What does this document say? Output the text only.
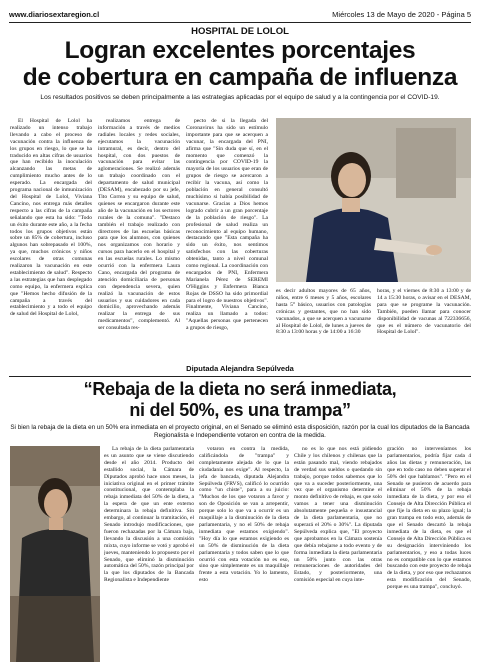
www.diariosextaregion.cl	Miércoles 13 de Mayo de 2020 - Página 5
HOSPITAL DE LOLOL
Logran excelentes porcentajes
de cobertura en campaña de influenza
Los resultados positivos se deben principalmente a las estrategias aplicadas por el equipo de salud y a la contingencia por el COVID-19.

El Hospital de Lolol ha realizado un intenso trabajo llevando a cabo el proceso de vacunación contra la influenza de los grupos en riesgo, lo que se ha traducido en altas cifras de usuarios que han recibido la inoculación alcanzando las metas de cumplimiento mucho antes de lo esperado. La encargada del programa nacional de inmunización del Hospital de Lolol, Viviana Cancino, nos entrega más detalles respecto a las cifras de la campaña señalando que esta ha sido: "Todo un éxito durante este año, a la fecha todos los grupos objetivos están sobre un 85% de cobertura, incluso algunos han sobrepasado el 100%, ya que, muchos crónicos y niños escolares de otras comunas realizaron la vacunación en este establecimiento de salud". Respecto a las estrategias que han desplegado como equipo, la enfermera explica que "Hemos hecho difusión de la campaña a través del establecimiento y a todo el equipo de salud del Hospital de Lolol,

realizamos entrega de información a través de medios radiales locales y redes sociales, ejecutamos la vacunación intramural, es decir, dentro del hospital, con dos puestos de vacunación para evitar las aglomeraciones. Se realizó además un trabajo coordinado con el departamento de salud municipal (DESAM), encabezado por su jefe, Tito Correa y su equipo de salud, quienes se encargaron durante este año de la vacunación en los sectores rurales de la comuna". "Destaco también el trabajo realizado con directores de las escuelas básicas para que los alumnos, con quienes nos organizamos con horario y cursos para hacerlo en el hospital y en las escuelas rurales. Lo mismo ocurrió con la enfermera Laura Cano, encargada del programa de atención domiciliaria de personas con dependencia severa, quien realizó la vacunación de estos usuarios y sus cuidadores en cada domicilio, aprovechando además realizar la entrega de sus medicamentos", complementó. Al ser consultada res-

pecto de si la llegada del Coronavirus ha sido un estímulo importante para que se acerquen a vacunar, la encargada del PNI, afirma que "Sin duda que sí, en el momento que comenzó la contingencia por COVID-19 la mayoría de los usuarios que eran de grupos de riesgo se acercaron a recibir la vacuna, así como la población en general consultó muchísimo si había posibilidad de vacunarse. Gracias a Dios hemos logrado cubrir a un gran porcentaje de la población de riesgo". La profesional de salud realiza un reconocimiento al equipo humano, destacando que "Esta campaña ha sido un éxito, nos sentimos satisfechos con las coberturas obtenidas, tanto a nivel comunal como regional. La coordinación con encargados de PNI, Enfermera Marianela Pérez de SEREMI O'Higgins y Enfermera Bianca Rojas de DSSO ha sido primordial para el logro de nuestros objetivos". Finalmente, Viviana Cancino, realiza un llamado a todos: "Aquellas personas que pertenecen a grupos de riesgo,

es decir adultos mayores de 65 años, niños, entre 6 meses y 5 años, escolares hasta 5° básico, usuarios con patologías crónicas y gestantes, que no han sido vacunados, a que se acerquen a vacunarse al Hospital de Lolol, de lunes a jueves de 8:30 a 13:00 horas y de 14:00 a 16:30

horas, y el viernes de 8:30 a 13:00 y de 14 a 15:30 horas, o avisar en el DESAM, para que se programe la vacunación. También, pueden llamar para conocer disponibilidad de vacunas al 722336656, que es el número de vacunatorio del Hospital de Lolol".

Diputada Alejandra Sepúlveda
“Rebaja de la dieta no será inmediata,
ni del 50%, es una trampa”
Si bien la rebaja de la dieta en un 50% era inmediata en el proyecto original, en el Senado se eliminó esta disposición, razón por la cual los diputados de la Bancada Regionalista e Independiente votaron en contra de la medida.

La rebaja de la dieta parlamentaria es un asunto que se viene discutiendo desde el año 2014. Producto del estallido social, la Cámara de Diputados aprobó hace unos meses, la iniciativa original en el primer trámite constitucional, que contemplaba la rebaja inmediata del 50% de la dieta, a la espera de que un ente externo determinara la rebaja definitiva. Sin embargo, al continuar la tramitación, el Senado introdujo modificaciones, que fueron rechazadas por la Cámara baja, llevando la discusión a una comisión mixta, cuyo informe se votó y aprobó el jueves, manteniendo lo propuesto por el Senado, que eliminó la disminución automática del 50%, razón principal por la que los diputados de la Bancada Regionalista e Independiente

votaron en contra la medida, calificándola de "trampa" y completamente alejada de lo que la ciudadanía nos exige". Al respecto, la jefa de bancada, diputada Alejandra Sepúlveda (FRVS), calificó lo ocurrido como "un chiste", para a su juicio: "Muchos de los que votaron a favor y son de Oposición se van a arrepentir, porque solo lo que va a ocurrir es un maquillaje a la disminución de la dieta parlamentaria, y no el 50% de rebaja inmediata que estamos exigiendo". "Hoy día lo que estamos exigiendo es un 50% de disminución de la dieta parlamentaria y todos saben que lo que ocurrió con esta votación no es eso, sino que simplemente es un maquillaje frente a esta votación. Yo lo lamento, esto

no es lo que nos está pidiendo Chile y los chilenos y chilenas que la están pasando mal, viendo rebajados de verdad sus sueldos o quedando sin trabajo, porque todos sabemos que lo que va a suceder posteriormente, una vez que el organismo determine el monto definitivo de rebaja, es que solo vamos a tener una disminución absolutamente pequeña e insustancial de la dieta parlamentaria, que no superará el 20% o 30%". La diputada Sepúlveda explica que, "El proyecto que aprobamos en la Cámara sostenía que debía rebajarse a todo evento y de forma inmediata la dieta parlamentaria un 50% junto con las otras remuneraciones de autoridades del Estado, y posteriormente, una comisión especial en cuya inte-

gración no interveníamos los parlamentarios, podría fijar cada 4 años las dietas y remuneración, las que en todo caso no deben superar el 50% del que hablamos". "Pero en el Senado se pusieron de acuerdo para eliminar el 50% de la rebaja inmediata de la dieta, y por eso el Consejo de Alta Dirección Pública el que fije la dieta en su plazo igual; la gran trampa en todo esto, además de que el Senado descartó la rebaja inmediata de la dieta, es que el Consejo de Alta Dirección Pública es su designación interviniendo los parlamentarios, y eso a todas luces no es compatible con lo que estamos buscando con este proyecto de rebaja de la dieta, y por eso que rechazamos esta modificación del Senado, porque es una trampa", concluyó.
